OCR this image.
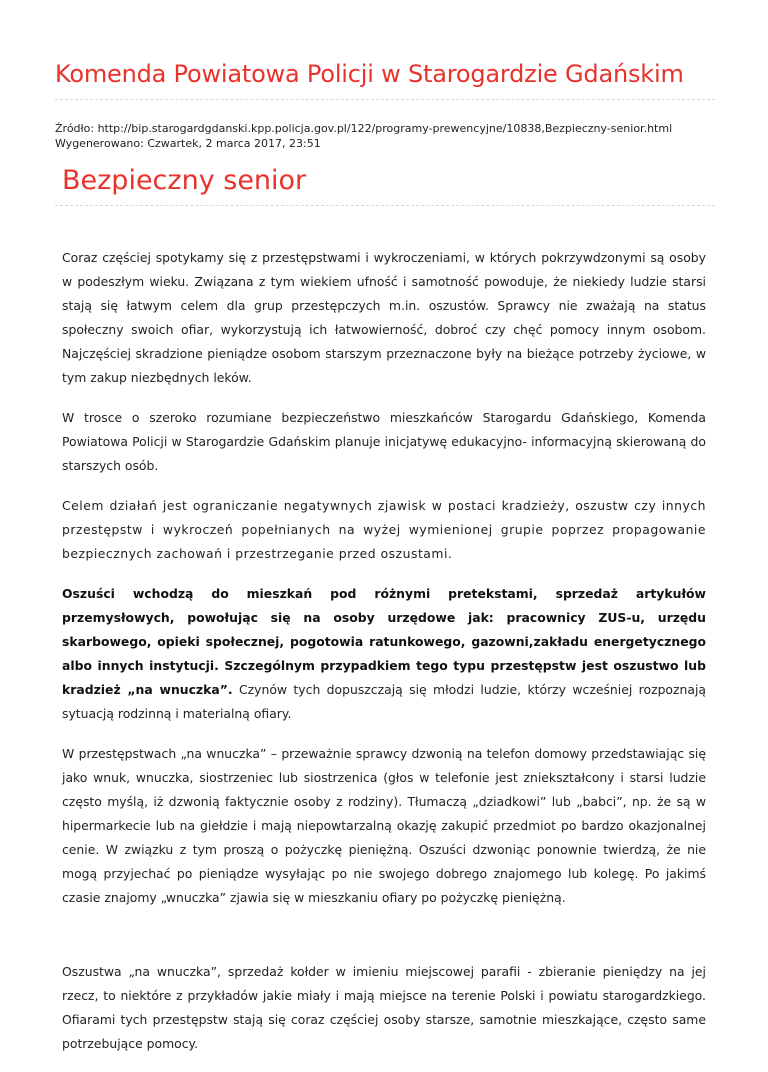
Komenda Powiatowa Policji w Starogardzie Gdańskim
Źródło: http://bip.starogardgdanski.kpp.policja.gov.pl/122/programy-prewencyjne/10838,Bezpieczny-senior.html
Wygenerowano: Czwartek, 2 marca 2017, 23:51
Bezpieczny senior

Coraz częściej spotykamy się z przestępstwami i wykroczeniami, w których pokrzywdzonymi są osoby w podeszłym wieku. Związana z tym wiekiem ufność i samotność powoduje, że niekiedy ludzie starsi stają się łatwym celem dla grup przestępczych m.in. oszustów. Sprawcy nie zważają na status społeczny swoich ofiar, wykorzystują ich łatwowierność, dobroć czy chęć pomocy innym osobom. Najczęściej skradzione pieniądze osobom starszym przeznaczone były na bieżące potrzeby życiowe, w tym zakup niezbędnych leków.

W trosce o szeroko rozumiane bezpieczeństwo mieszkańców Starogardu Gdańskiego, Komenda Powiatowa Policji w Starogardzie Gdańskim planuje inicjatywę edukacyjno- informacyjną skierowaną do starszych osób.

Celem działań jest ograniczanie negatywnych zjawisk w postaci kradzieży, oszustw czy innych przestępstw i wykroczeń popełnianych na wyżej wymienionej grupie poprzez propagowanie bezpiecznych zachowań i przestrzeganie przed oszustami.

Oszuści wchodzą do mieszkań pod różnymi pretekstami, sprzedaż artykułów przemysłowych, powołując się na osoby urzędowe jak: pracownicy ZUS-u, urzędu skarbowego, opieki społecznej, pogotowia ratunkowego, gazowni,zakładu energetycznego albo innych instytucji. Szczególnym przypadkiem tego typu przestępstw jest oszustwo lub kradzież „na wnuczka”. Czynów tych dopuszczają się młodzi ludzie, którzy wcześniej rozpoznają sytuacją rodzinną i materialną ofiary.

W przestępstwach „na wnuczka” – przeważnie sprawcy dzwonią na telefon domowy przedstawiając się jako wnuk, wnuczka, siostrzeniec lub siostrzenica (głos w telefonie jest zniekształcony i starsi ludzie często myślą, iż dzwonią faktycznie osoby z rodziny). Tłumaczą „dziadkowi” lub „babci”, np. że są w hipermarkecie lub na giełdzie i mają niepowtarzalną okazję zakupić przedmiot po bardzo okazjonalnej cenie. W związku z tym proszą o pożyczkę pieniężną. Oszuści dzwoniąc ponownie twierdzą, że nie mogą przyjechać po pieniądze wysyłając po nie swojego dobrego znajomego lub kolegę. Po jakimś czasie znajomy „wnuczka” zjawia się w mieszkaniu ofiary po pożyczkę pieniężną.

Oszustwa „na wnuczka”, sprzedaż kołder w imieniu miejscowej parafii - zbieranie pieniędzy na jej rzecz, to niektóre z przykładów jakie miały i mają miejsce na terenie Polski i powiatu starogardzkiego. Ofiarami tych przestępstw stają się coraz częściej osoby starsze, samotnie mieszkające, często same potrzebujące pomocy.
